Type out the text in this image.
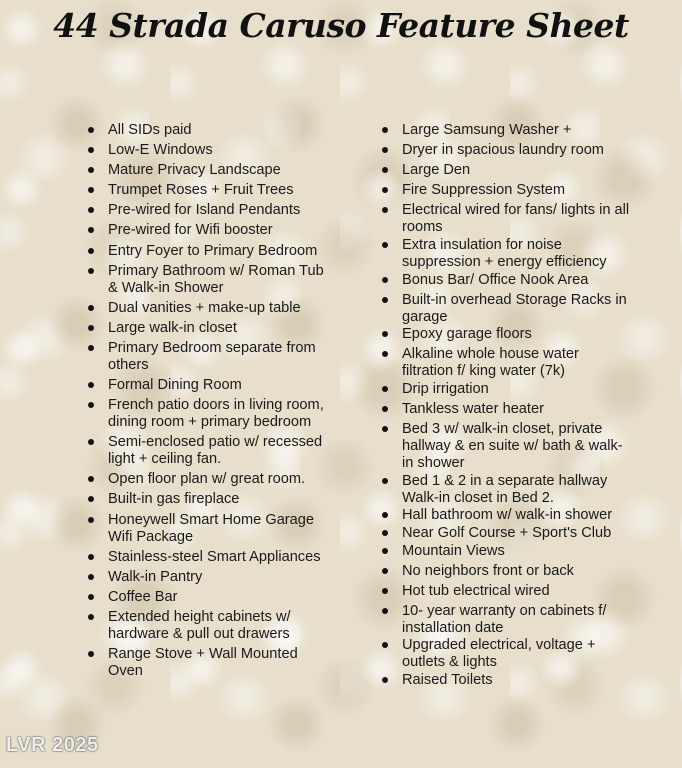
44 Strada Caruso Feature Sheet
All SIDs paid
Low-E Windows
Mature Privacy Landscape
Trumpet Roses + Fruit Trees
Pre-wired for Island Pendants
Pre-wired for Wifi booster
Entry Foyer to Primary Bedroom
Primary Bathroom w/ Roman Tub & Walk-in Shower
Dual vanities + make-up table
Large walk-in closet
Primary Bedroom separate from others
Formal Dining Room
French patio doors in living room, dining room + primary bedroom
Semi-enclosed patio w/ recessed light + ceiling fan.
Open floor plan w/ great room.
Built-in gas fireplace
Honeywell Smart Home Garage Wifi Package
Stainless-steel Smart Appliances
Walk-in Pantry
Coffee Bar
Extended height cabinets w/ hardware & pull out drawers
Range Stove + Wall Mounted Oven
Large Samsung Washer +
Dryer in spacious laundry room
Large Den
Fire Suppression System
Electrical wired for fans/ lights in all rooms
Extra insulation for noise suppression + energy efficiency
Bonus Bar/ Office Nook Area
Built-in overhead Storage Racks in garage
Epoxy garage floors
Alkaline whole house water filtration f/ king water (7k)
Drip irrigation
Tankless water heater
Bed 3 w/ walk-in closet, private hallway & en suite w/ bath & walk-in shower
Bed 1 & 2 in a separate hallway Walk-in closet in Bed 2.
Hall bathroom w/ walk-in shower
Near Golf Course + Sport's Club
Mountain Views
No neighbors front or back
Hot tub electrical wired
10- year warranty on cabinets f/ installation date
Upgraded electrical, voltage + outlets & lights
Raised Toilets
LVR 2025
